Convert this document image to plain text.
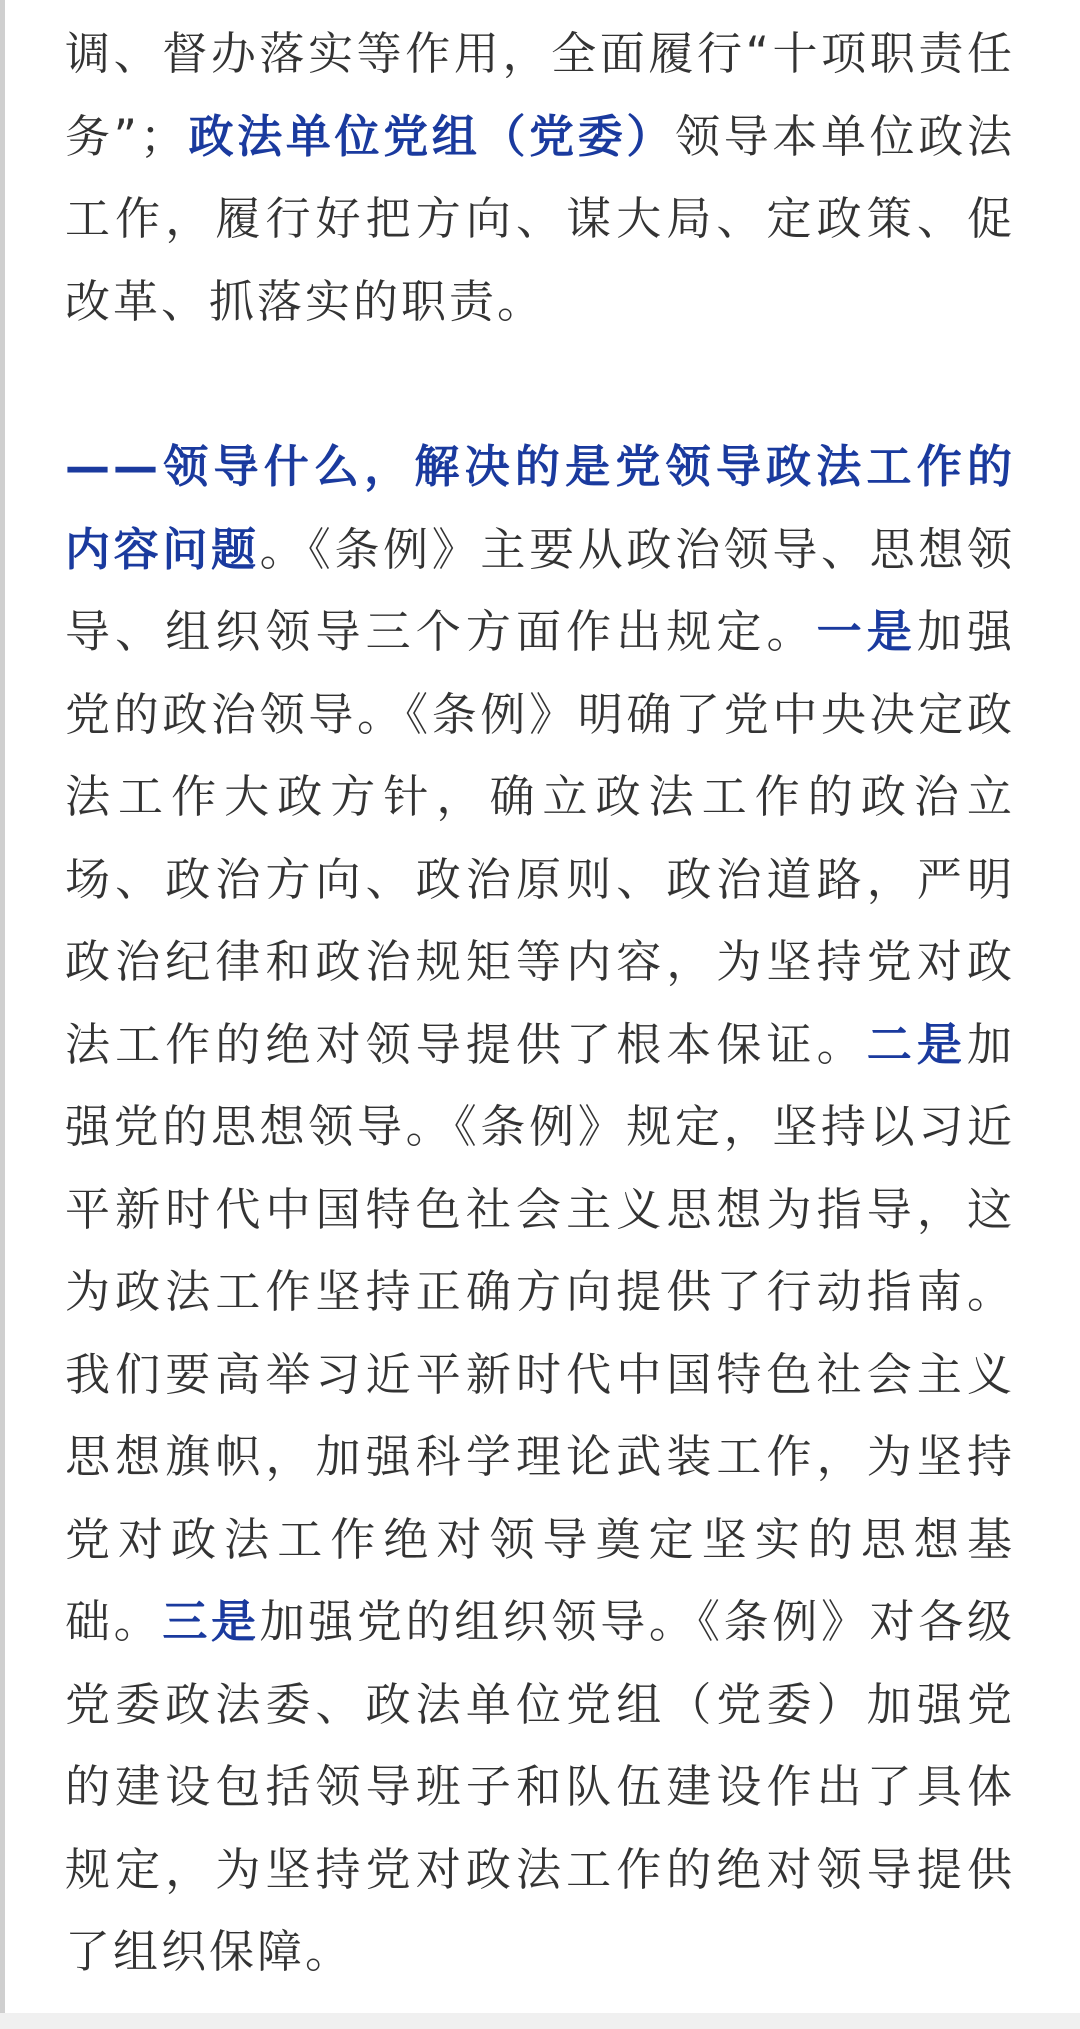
调、督办落实等作用，全面履行“十项职责任务”；政法单位党组（党委）领导本单位政法工作，履行好把方向、谋大局、定政策、促改革、抓落实的职责。

——领导什么，解决的是党领导政法工作的内容问题。《条例》主要从政治领导、思想领导、组织领导三个方面作出规定。一是加强党的政治领导。《条例》明确了党中央决定政法工作大政方针，确立政法工作的政治立场、政治方向、政治原则、政治道路，严明政治纪律和政治规矩等内容，为坚持党对政法工作的绝对领导提供了根本保证。二是加强党的思想领导。《条例》规定，坚持以习近平新时代中国特色社会主义思想为指导，这为政法工作坚持正确方向提供了行动指南。我们要高举习近平新时代中国特色社会主义思想旗帜，加强科学理论武装工作，为坚持党对政法工作绝对领导奠定坚实的思想基础。三是加强党的组织领导。《条例》对各级党委政法委、政法单位党组（党委）加强党的建设包括领导班子和队伍建设作出了具体规定，为坚持党对政法工作的绝对领导提供了组织保障。
